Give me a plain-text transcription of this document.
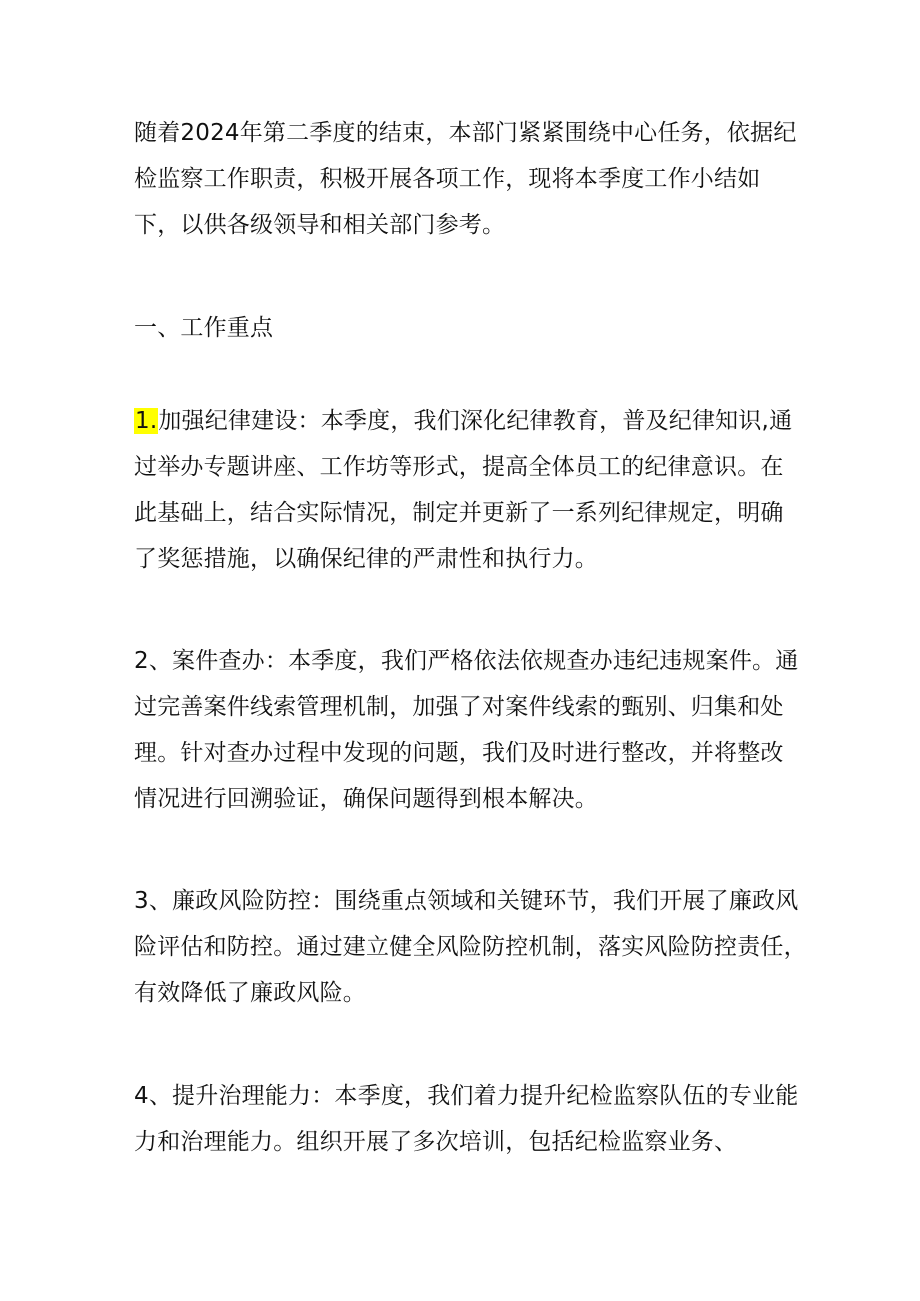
随着2024年第二季度的结束，本部门紧紧围绕中心任务，依据纪
检监察工作职责，积极开展各项工作，现将本季度工作小结如
下，以供各级领导和相关部门参考。
一、工作重点
1.加强纪律建设：本季度，我们深化纪律教育，普及纪律知识,通
过举办专题讲座、工作坊等形式，提高全体员工的纪律意识。在
此基础上，结合实际情况，制定并更新了一系列纪律规定，明确
了奖惩措施，以确保纪律的严肃性和执行力。
2、案件查办：本季度，我们严格依法依规查办违纪违规案件。通
过完善案件线索管理机制，加强了对案件线索的甄别、归集和处
理。针对查办过程中发现的问题，我们及时进行整改，并将整改
情况进行回溯验证，确保问题得到根本解决。
3、廉政风险防控：围绕重点领域和关键环节，我们开展了廉政风
险评估和防控。通过建立健全风险防控机制，落实风险防控责任，
有效降低了廉政风险。
4、提升治理能力：本季度，我们着力提升纪检监察队伍的专业能
力和治理能力。组织开展了多次培训，包括纪检监察业务、
